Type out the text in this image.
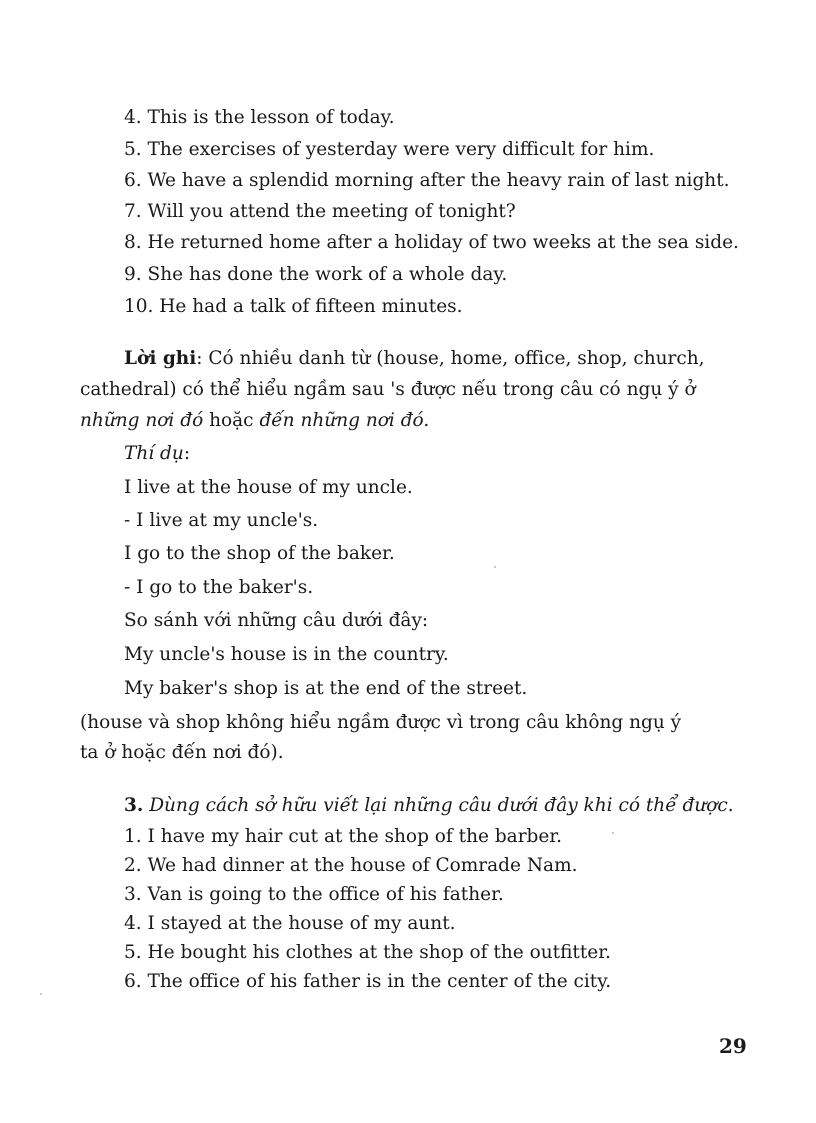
4. This is the lesson of today.
5. The exercises of yesterday were very difficult for him.
6. We have a splendid morning after the heavy rain of last night.
7. Will you attend the meeting of tonight?
8. He returned home after a holiday of two weeks at the sea side.
9. She has done the work of a whole day.
10. He had a talk of fifteen minutes.
Lời ghi: Có nhiều danh từ (house, home, office, shop, church,
cathedral) có thể hiểu ngầm sau 's được nếu trong câu có ngụ ý ở
những nơi đó hoặc đến những nơi đó.
Thí dụ:
I live at the house of my uncle.
- I live at my uncle's.
I go to the shop of the baker.
- I go to the baker's.
So sánh với những câu dưới đây:
My uncle's house is in the country.
My baker's shop is at the end of the street.
(house và shop không hiểu ngầm được vì trong câu không ngụ ý
ta ở hoặc đến nơi đó).
3. Dùng cách sở hữu viết lại những câu dưới đây khi có thể được.
1. I have my hair cut at the shop of the barber.
2. We had dinner at the house of Comrade Nam.
3. Van is going to the office of his father.
4. I stayed at the house of my aunt.
5. He bought his clothes at the shop of the outfitter.
6. The office of his father is in the center of the city.
29
